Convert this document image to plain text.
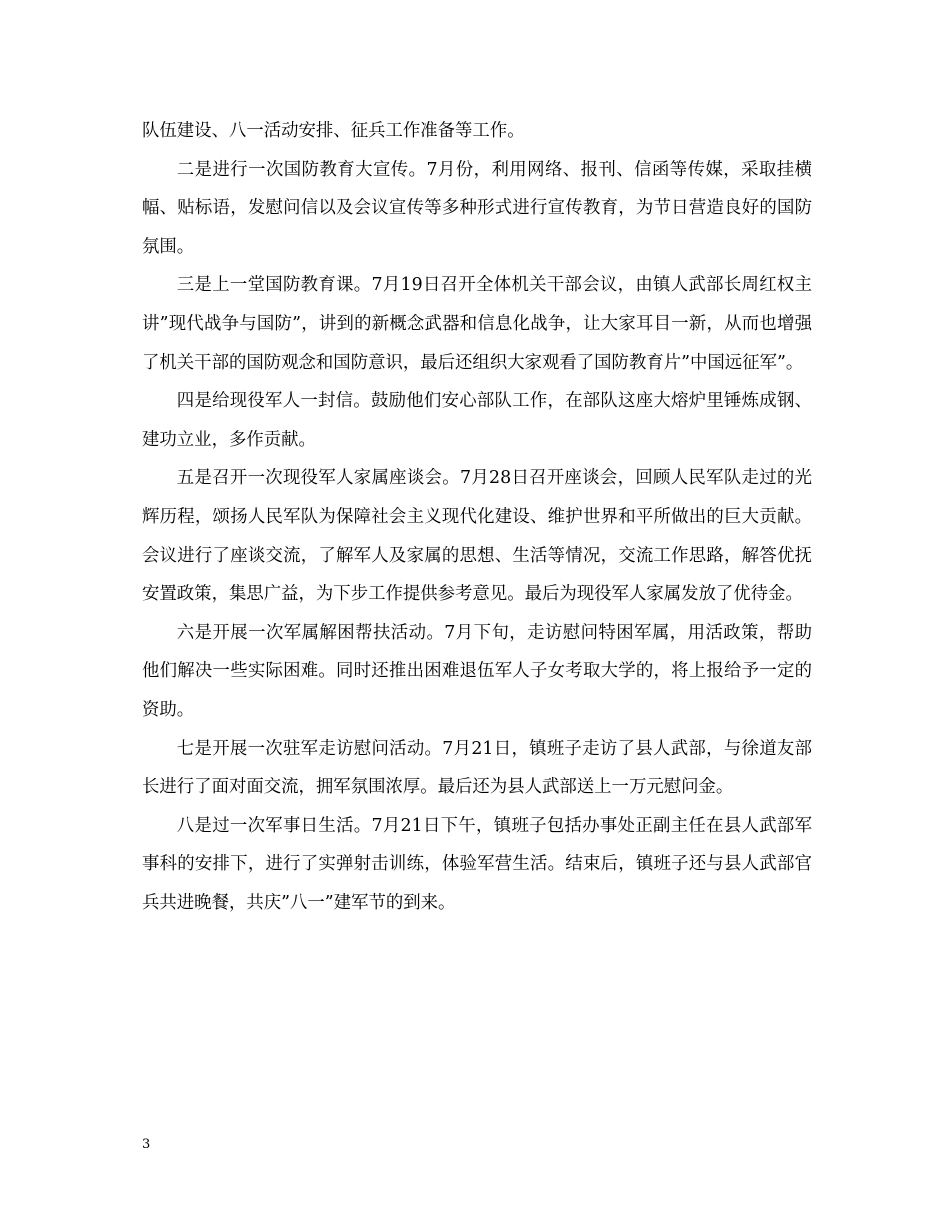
队伍建设、八一活动安排、征兵工作准备等工作。

二是进行一次国防教育大宣传。7月份，利用网络、报刊、信函等传媒，采取挂横幅、贴标语，发慰问信以及会议宣传等多种形式进行宣传教育，为节日营造良好的国防氛围。

三是上一堂国防教育课。7月19日召开全体机关干部会议，由镇人武部长周红权主讲”现代战争与国防”，讲到的新概念武器和信息化战争，让大家耳目一新，从而也增强了机关干部的国防观念和国防意识，最后还组织大家观看了国防教育片”中国远征军”。

四是给现役军人一封信。鼓励他们安心部队工作，在部队这座大熔炉里锤炼成钢、建功立业，多作贡献。

五是召开一次现役军人家属座谈会。7月28日召开座谈会，回顾人民军队走过的光辉历程，颂扬人民军队为保障社会主义现代化建设、维护世界和平所做出的巨大贡献。会议进行了座谈交流，了解军人及家属的思想、生活等情况，交流工作思路，解答优抚安置政策，集思广益，为下步工作提供参考意见。最后为现役军人家属发放了优待金。

六是开展一次军属解困帮扶活动。7月下旬，走访慰问特困军属，用活政策，帮助他们解决一些实际困难。同时还推出困难退伍军人子女考取大学的，将上报给予一定的资助。

七是开展一次驻军走访慰问活动。7月21日，镇班子走访了县人武部，与徐道友部长进行了面对面交流，拥军氛围浓厚。最后还为县人武部送上一万元慰问金。

八是过一次军事日生活。7月21日下午，镇班子包括办事处正副主任在县人武部军事科的安排下，进行了实弹射击训练，体验军营生活。结束后，镇班子还与县人武部官兵共进晚餐，共庆”八一”建军节的到来。

3
